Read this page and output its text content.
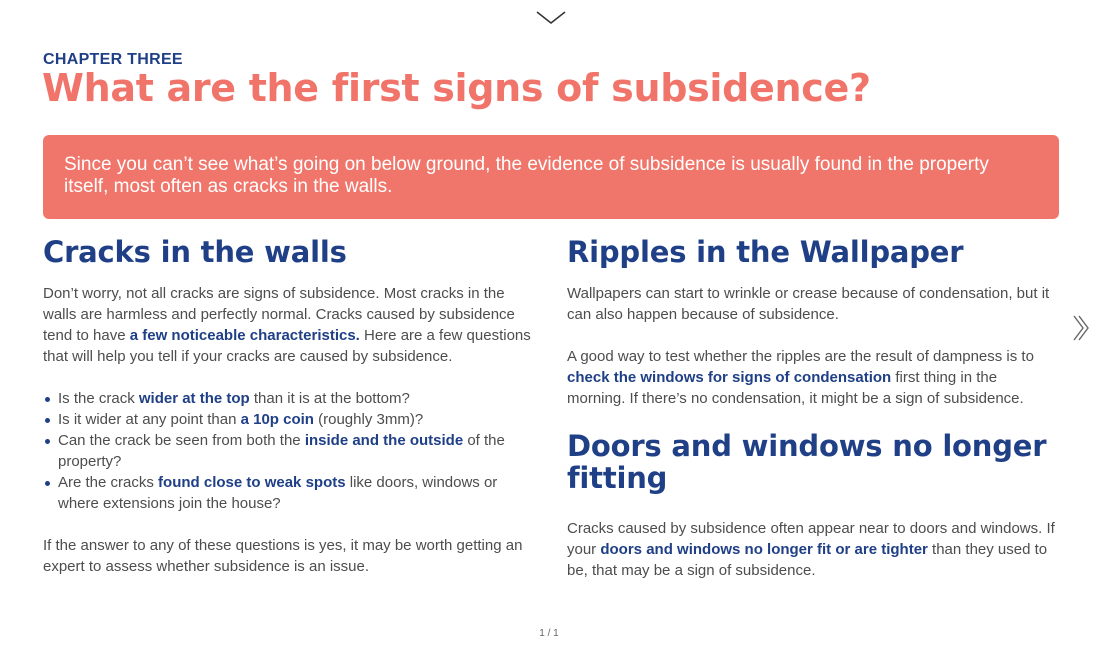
CHAPTER THREE
What are the first signs of subsidence?
Since you can’t see what’s going on below ground, the evidence of subsidence is usually found in the property itself, most often as cracks in the walls.
Cracks in the walls

Don’t worry, not all cracks are signs of subsidence. Most cracks in the walls are harmless and perfectly normal. Cracks caused by subsidence tend to have a few noticeable characteristics. Here are a few questions that will help you tell if your cracks are caused by subsidence.

Is the crack wider at the top than it is at the bottom?
Is it wider at any point than a 10p coin (roughly 3mm)?
Can the crack be seen from both the inside and the outside of the property?
Are the cracks found close to weak spots like doors, windows or where extensions join the house?

If the answer to any of these questions is yes, it may be worth getting an expert to assess whether subsidence is an issue.

Ripples in the Wallpaper

Wallpapers can start to wrinkle or crease because of condensation, but it can also happen because of subsidence.

A good way to test whether the ripples are the result of dampness is to check the windows for signs of condensation first thing in the morning. If there’s no condensation, it might be a sign of subsidence.

Doors and windows no longer fitting

Cracks caused by subsidence often appear near to doors and windows. If your doors and windows no longer fit or are tighter than they used to be, that may be a sign of subsidence.

1 / 1
